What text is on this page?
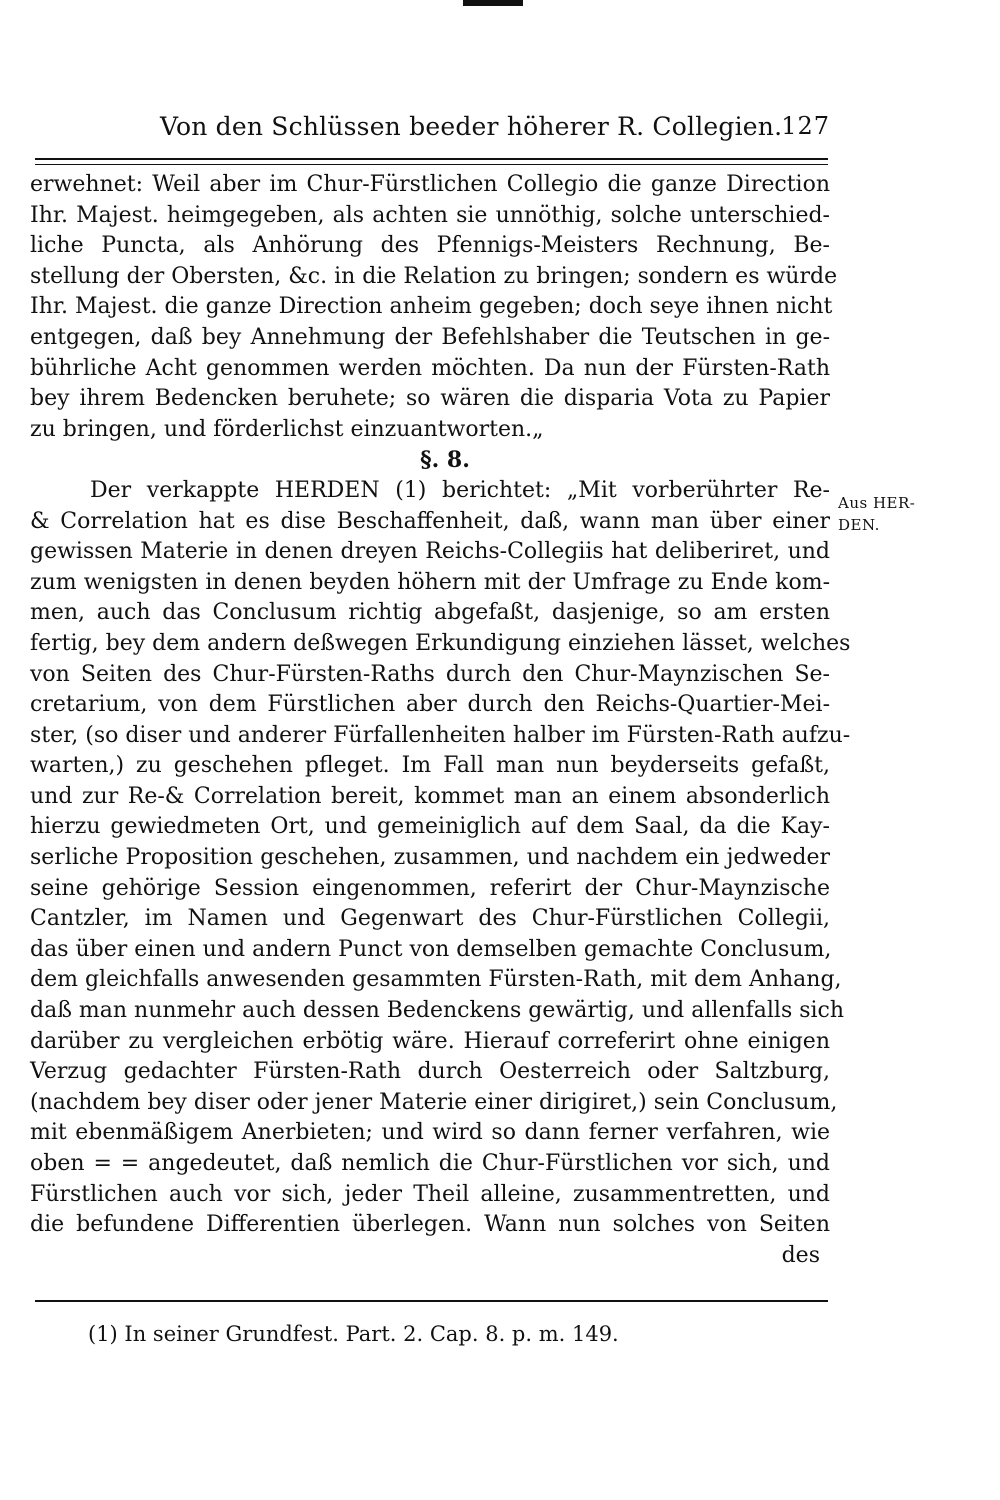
Von den Schlüssen beeder höherer R. Collegien.
127
erwehnet: Weil aber im Chur-Fürstlichen Collegio die ganze Direction
Ihr. Majest. heimgegeben, als achten sie unnöthig, solche unterschied-
liche Puncta, als Anhörung des Pfennigs-Meisters Rechnung, Be-
stellung der Obersten, &c. in die Relation zu bringen; sondern es würde
Ihr. Majest. die ganze Direction anheim gegeben; doch seye ihnen nicht
entgegen, daß bey Annehmung der Befehlshaber die Teutschen in ge-
bührliche Acht genommen werden möchten. Da nun der Fürsten-Rath
bey ihrem Bedencken beruhete; so wären die disparia Vota zu Papier
zu bringen, und förderlichst einzuantworten.„
§. 8.
Der verkappte HERDEN (1) berichtet: „Mit vorberührter Re-
& Correlation hat es dise Beschaffenheit, daß, wann man über einer
gewissen Materie in denen dreyen Reichs-Collegiis hat deliberiret, und
zum wenigsten in denen beyden höhern mit der Umfrage zu Ende kom-
men, auch das Conclusum richtig abgefaßt, dasjenige, so am ersten
fertig, bey dem andern deßwegen Erkundigung einziehen lässet, welches
von Seiten des Chur-Fürsten-Raths durch den Chur-Maynzischen Se-
cretarium, von dem Fürstlichen aber durch den Reichs-Quartier-Mei-
ster, (so diser und anderer Fürfallenheiten halber im Fürsten-Rath aufzu-
warten,) zu geschehen pfleget. Im Fall man nun beyderseits gefaßt,
und zur Re-& Correlation bereit, kommet man an einem absonderlich
hierzu gewiedmeten Ort, und gemeiniglich auf dem Saal, da die Kay-
serliche Proposition geschehen, zusammen, und nachdem ein jedweder
seine gehörige Session eingenommen, referirt der Chur-Maynzische
Cantzler, im Namen und Gegenwart des Chur-Fürstlichen Collegii,
das über einen und andern Punct von demselben gemachte Conclusum,
dem gleichfalls anwesenden gesammten Fürsten-Rath, mit dem Anhang,
daß man nunmehr auch dessen Bedenckens gewärtig, und allenfalls sich
darüber zu vergleichen erbötig wäre. Hierauf correferirt ohne einigen
Verzug gedachter Fürsten-Rath durch Oesterreich oder Saltzburg,
(nachdem bey diser oder jener Materie einer dirigiret,) sein Conclusum,
mit ebenmäßigem Anerbieten; und wird so dann ferner verfahren, wie
oben = = angedeutet, daß nemlich die Chur-Fürstlichen vor sich, und
Fürstlichen auch vor sich, jeder Theil alleine, zusammentretten, und
die befundene Differentien überlegen. Wann nun solches von Seiten
des
Aus HER-
DEN.
(1) In seiner Grundfest. Part. 2. Cap. 8. p. m. 149.
